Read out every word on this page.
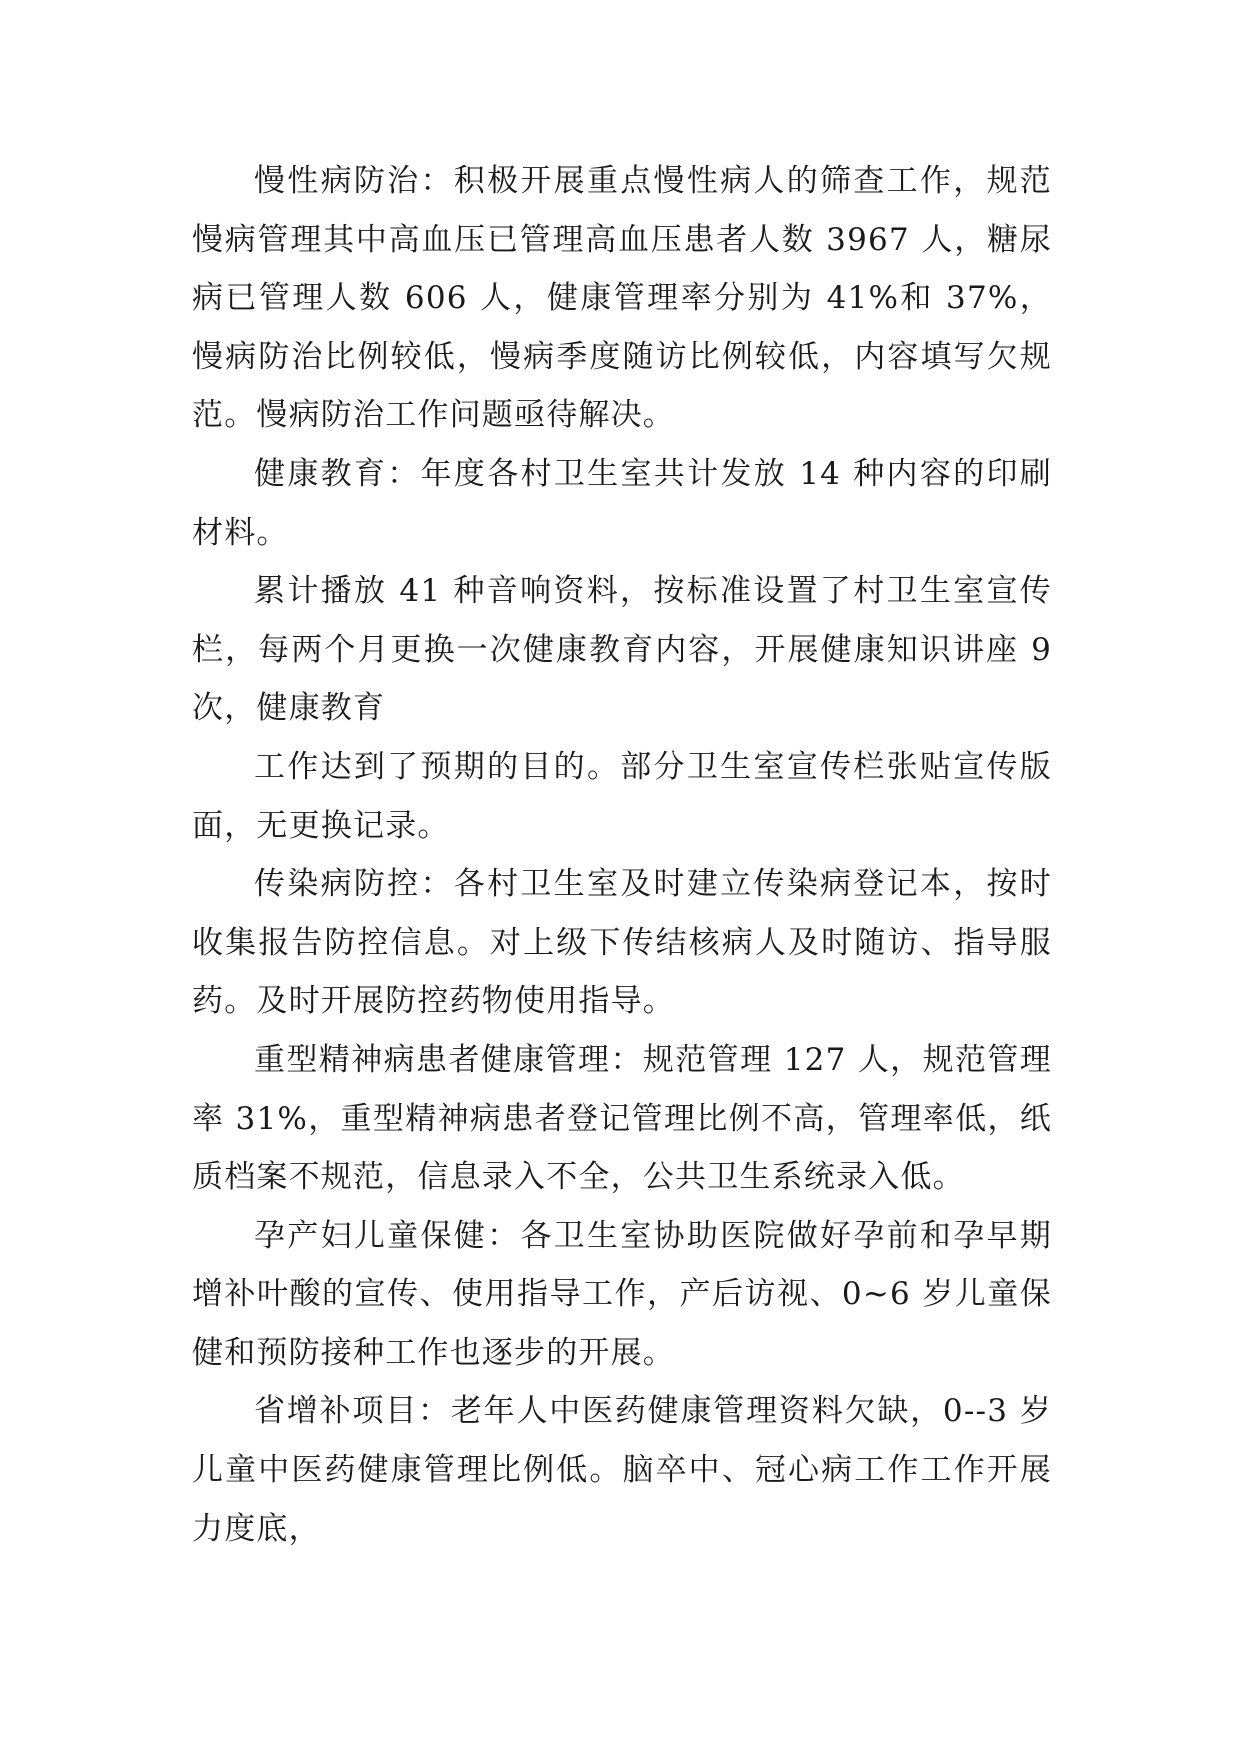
慢性病防治：积极开展重点慢性病人的筛查工作，规范慢病管理其中高血压已管理高血压患者人数 3967 人，糖尿病已管理人数 606 人，健康管理率分别为 41%和 37%，慢病防治比例较低，慢病季度随访比例较低，内容填写欠规范。慢病防治工作问题亟待解决。

健康教育：年度各村卫生室共计发放 14 种内容的印刷材料。

累计播放 41 种音响资料，按标准设置了村卫生室宣传栏，每两个月更换一次健康教育内容，开展健康知识讲座 9 次，健康教育

工作达到了预期的目的。部分卫生室宣传栏张贴宣传版面，无更换记录。

传染病防控：各村卫生室及时建立传染病登记本，按时收集报告防控信息。对上级下传结核病人及时随访、指导服药。及时开展防控药物使用指导。

重型精神病患者健康管理：规范管理 127 人，规范管理率 31%，重型精神病患者登记管理比例不高，管理率低，纸质档案不规范，信息录入不全，公共卫生系统录入低。

孕产妇儿童保健：各卫生室协助医院做好孕前和孕早期增补叶酸的宣传、使用指导工作，产后访视、0~6 岁儿童保健和预防接种工作也逐步的开展。

省增补项目：老年人中医药健康管理资料欠缺，0--3 岁儿童中医药健康管理比例低。脑卒中、冠心病工作工作开展力度底，
